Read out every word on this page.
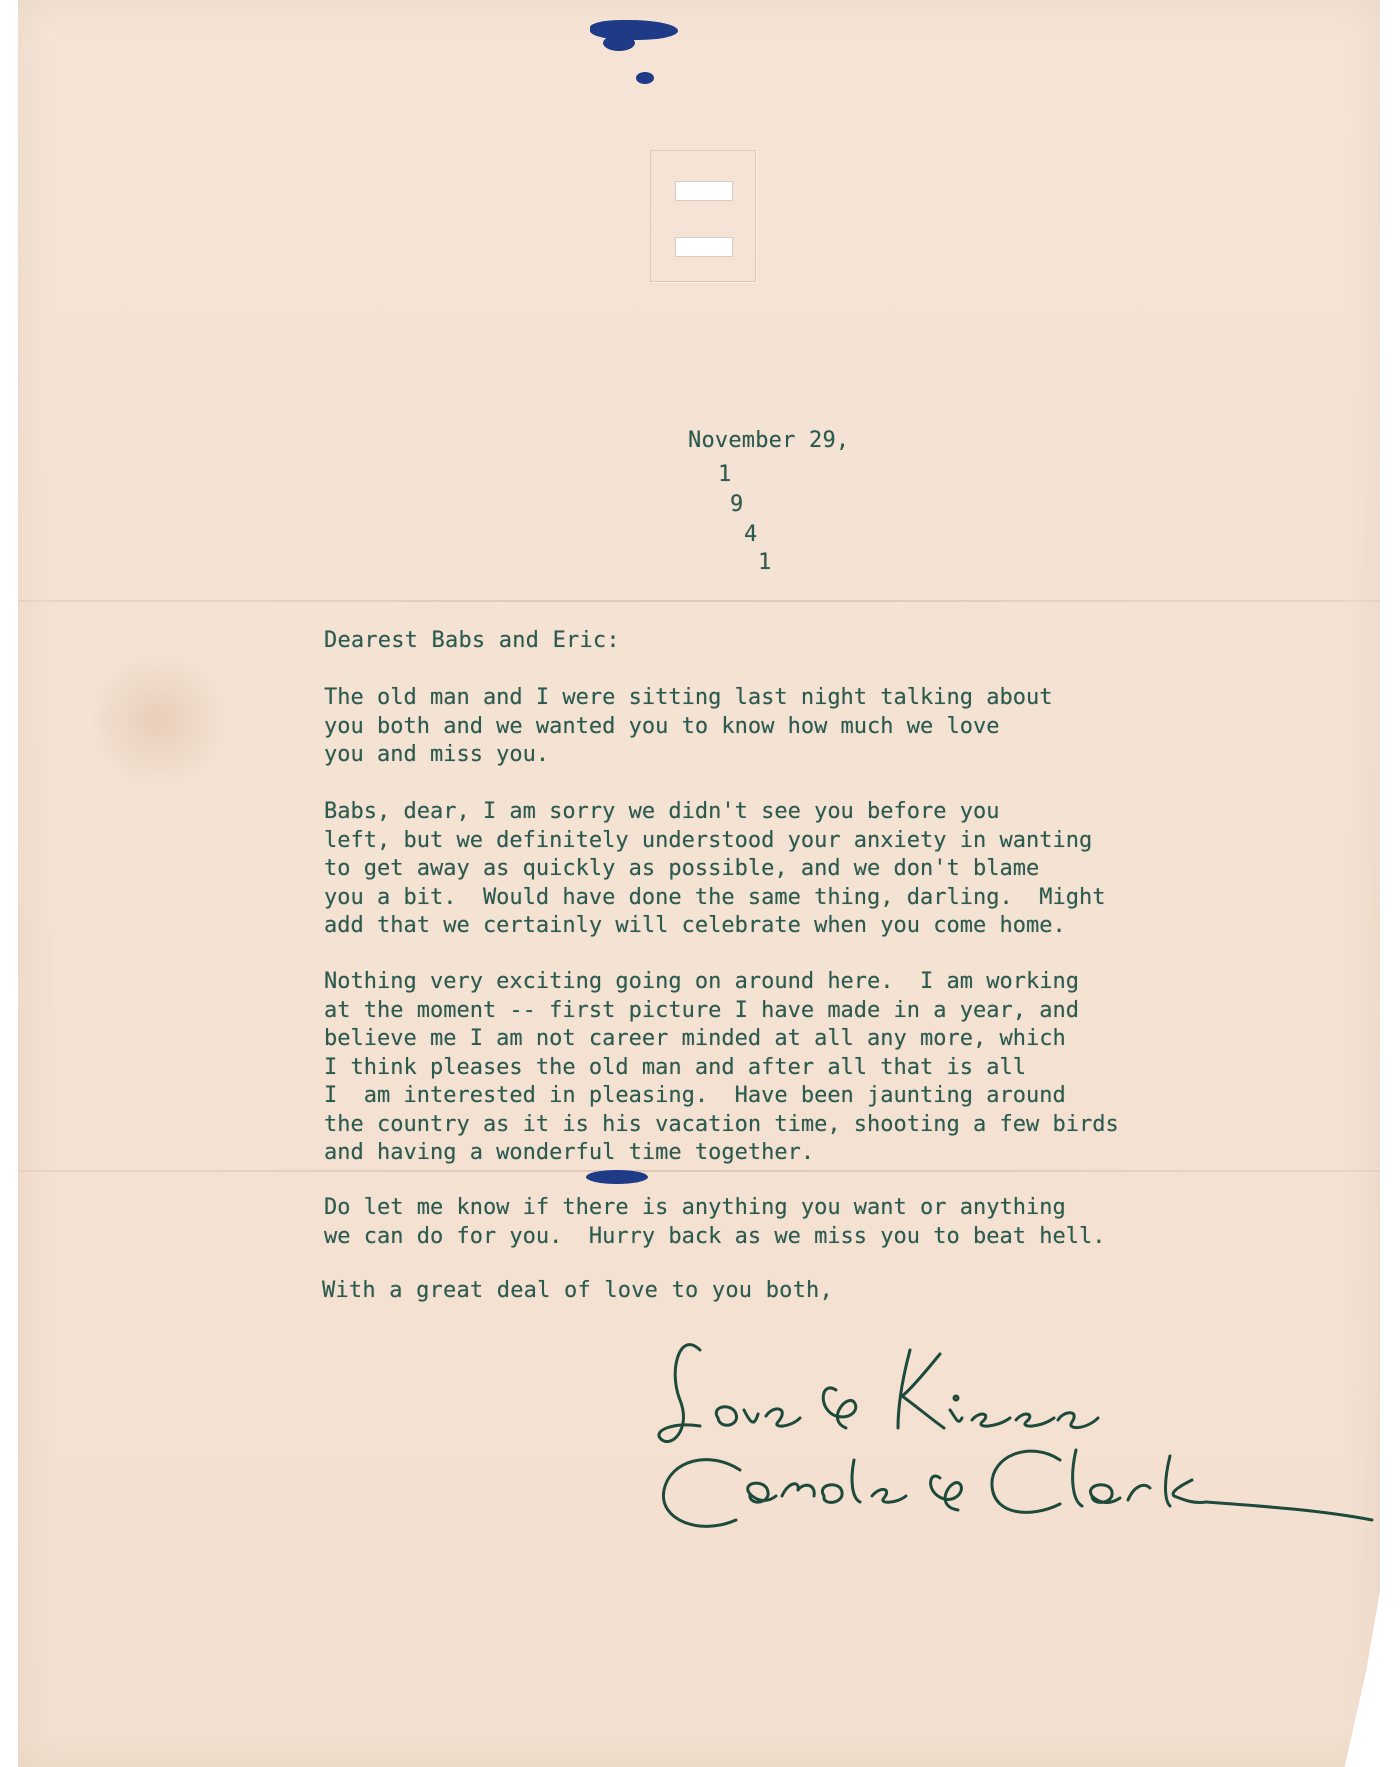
November 29,
1
9
4
1
Dearest Babs and Eric:
The old man and I were sitting last night talking about
you both and we wanted you to know how much we love
you and miss you.
Babs, dear, I am sorry we didn't see you before you
left, but we definitely understood your anxiety in wanting
to get away as quickly as possible, and we don't blame
you a bit.  Would have done the same thing, darling.  Might
add that we certainly will celebrate when you come home.
Nothing very exciting going on around here.  I am working
at the moment -- first picture I have made in a year, and
believe me I am not career minded at all any more, which
I think pleases the old man and after all that is all
I  am interested in pleasing.  Have been jaunting around
the country as it is his vacation time, shooting a few birds
and having a wonderful time together.
Do let me know if there is anything you want or anything
we can do for you.  Hurry back as we miss you to beat hell.
With a great deal of love to you both,
